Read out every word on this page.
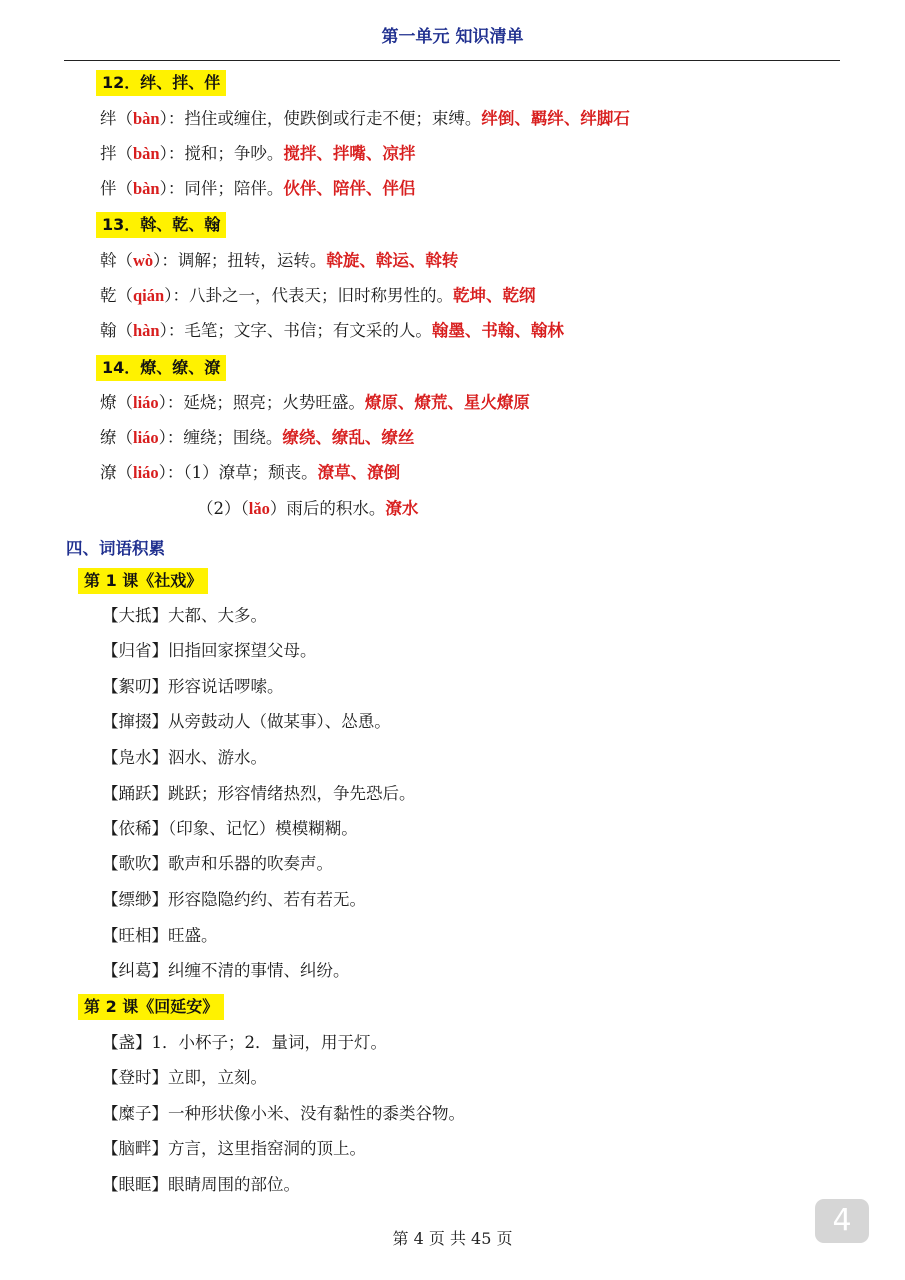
第一单元 知识清单
12．绊、拌、伴
绊（bàn）：挡住或缠住，使跌倒或行走不便；束缚。绊倒、羁绊、绊脚石
拌（bàn）：搅和；争吵。搅拌、拌嘴、凉拌
伴（bàn）：同伴；陪伴。伙伴、陪伴、伴侣
13．斡、乾、翰
斡（wò）：调解；扭转，运转。斡旋、斡运、斡转
乾（qián）：八卦之一，代表天；旧时称男性的。乾坤、乾纲
翰（hàn）：毛笔；文字、书信；有文采的人。翰墨、书翰、翰林
14．燎、缭、潦
燎（liáo）：延烧；照亮；火势旺盛。燎原、燎荒、星火燎原
缭（liáo）：缠绕；围绕。缭绕、缭乱、缭丝
潦（liáo）：（1）潦草；颓丧。潦草、潦倒
（2）（lǎo）雨后的积水。潦水
四、词语积累
第 1 课《社戏》
【大抵】大都、大多。
【归省】旧指回家探望父母。
【絮叨】形容说话啰嗦。
【撺掇】从旁鼓动人（做某事）、怂恿。
【凫水】泅水、游水。
【踊跃】跳跃；形容情绪热烈，争先恐后。
【依稀】（印象、记忆）模模糊糊。
【歌吹】歌声和乐器的吹奏声。
【缥缈】形容隐隐约约、若有若无。
【旺相】旺盛。
【纠葛】纠缠不清的事情、纠纷。
第 2 课《回延安》
【盏】1．小杯子；2．量词，用于灯。
【登时】立即，立刻。
【糜子】一种形状像小米、没有黏性的黍类谷物。
【脑畔】方言，这里指窑洞的顶上。
【眼眶】眼睛周围的部位。
第 4 页 共 45 页
4
